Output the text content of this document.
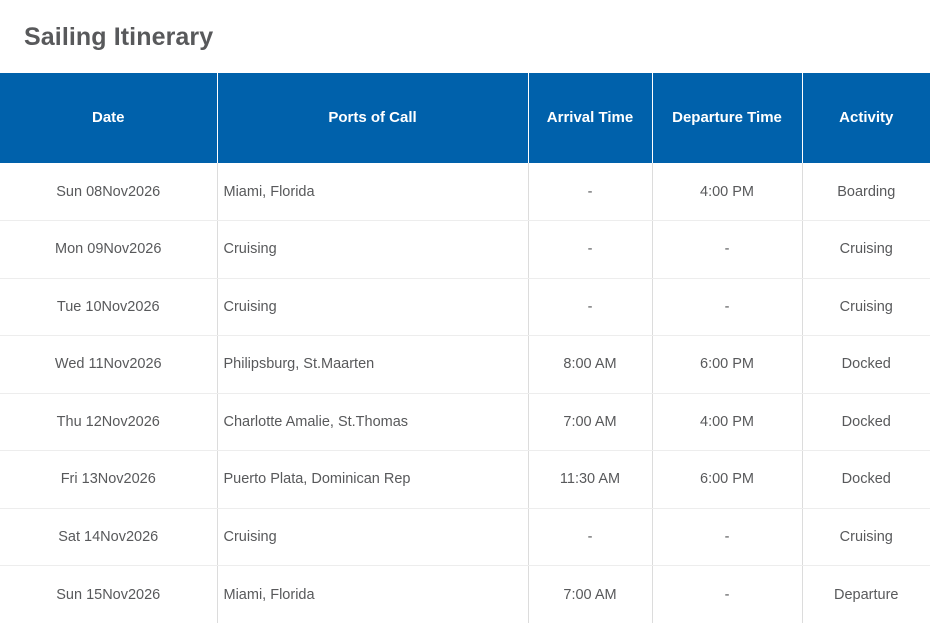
Sailing Itinerary
Date	Ports of Call	Arrival Time	Departure Time	Activity
Sun 08Nov2026	Miami, Florida	-	4:00 PM	Boarding
Mon 09Nov2026	Cruising	-	-	Cruising
Tue 10Nov2026	Cruising	-	-	Cruising
Wed 11Nov2026	Philipsburg, St.Maarten	8:00 AM	6:00 PM	Docked
Thu 12Nov2026	Charlotte Amalie, St.Thomas	7:00 AM	4:00 PM	Docked
Fri 13Nov2026	Puerto Plata, Dominican Rep	11:30 AM	6:00 PM	Docked
Sat 14Nov2026	Cruising	-	-	Cruising
Sun 15Nov2026	Miami, Florida	7:00 AM	-	Departure
